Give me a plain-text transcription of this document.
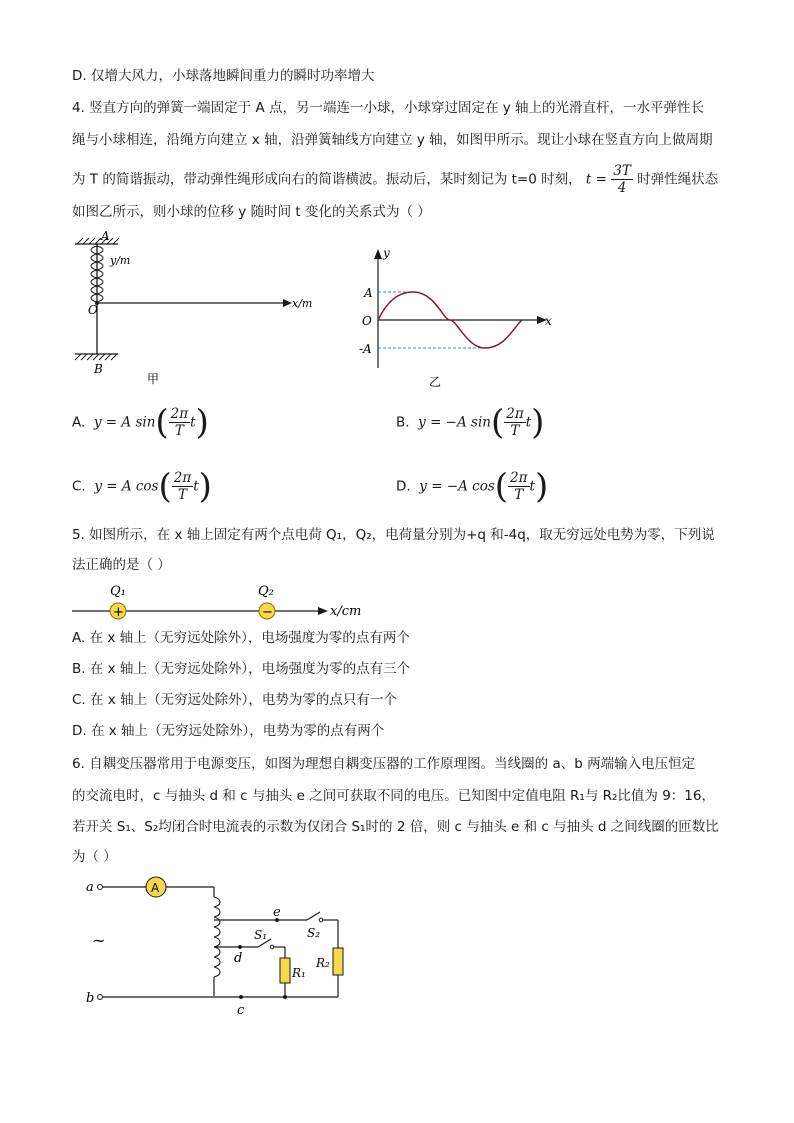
D. 仅增大风力，小球落地瞬间重力的瞬时功率增大
4. 竖直方向的弹簧一端固定于 A 点，另一端连一小球，小球穿过固定在 y 轴上的光滑直杆，一水平弹性长
绳与小球相连，沿绳方向建立 x 轴，沿弹簧轴线方向建立 y 轴，如图甲所示。现让小球在竖直方向上做周期
为 T 的简谐振动，带动弹性绳形成向右的简谐横波。振动后，某时刻记为 t=0 时刻， $t = \frac{3T}{4}$ 时弹性绳状态
如图乙所示，则小球的位移 y 随时间 t 变化的关系式为（ ）
A
y/m
O	x/m
B
甲
y
x
O
A
-A
乙
A. y = A $\sin( \frac{2\pi}{T} t)$	B. y = −A $\sin( \frac{2\pi}{T} t)$
C. y = A $\cos( \frac{2\pi}{T} t)$	D. y = −A $\cos( \frac{2\pi}{T} t)$
5. 如图所示，在 x 轴上固定有两个点电荷 Q₁，Q₂，电荷量分别为+q 和-4q，取无穷远处电势为零，下列说
法正确的是（ ）
x/cm
+
Q₁
−
Q₂
A. 在 x 轴上（无穷远处除外），电场强度为零的点有两个
B. 在 x 轴上（无穷远处除外），电场强度为零的点有三个
C. 在 x 轴上（无穷远处除外），电势为零的点只有一个
D. 在 x 轴上（无穷远处除外），电势为零的点有两个
6. 自耦变压器常用于电源变压，如图为理想自耦变压器的工作原理图。当线圈的 a、b 两端输入电压恒定
的交流电时，c 与抽头 d 和 c 与抽头 e 之间可获取不同的电压。已知图中定值电阻 R₁与 R₂比值为 9：16，
若开关 S₁、S₂均闭合时电流表的示数为仅闭合 S₁时的 2 倍，则 c 与抽头 e 和 c 与抽头 d 之间线圈的匝数比
为（ ）
a	A
~
b
c
e
S₂
R₂
d
S₁
R₁
